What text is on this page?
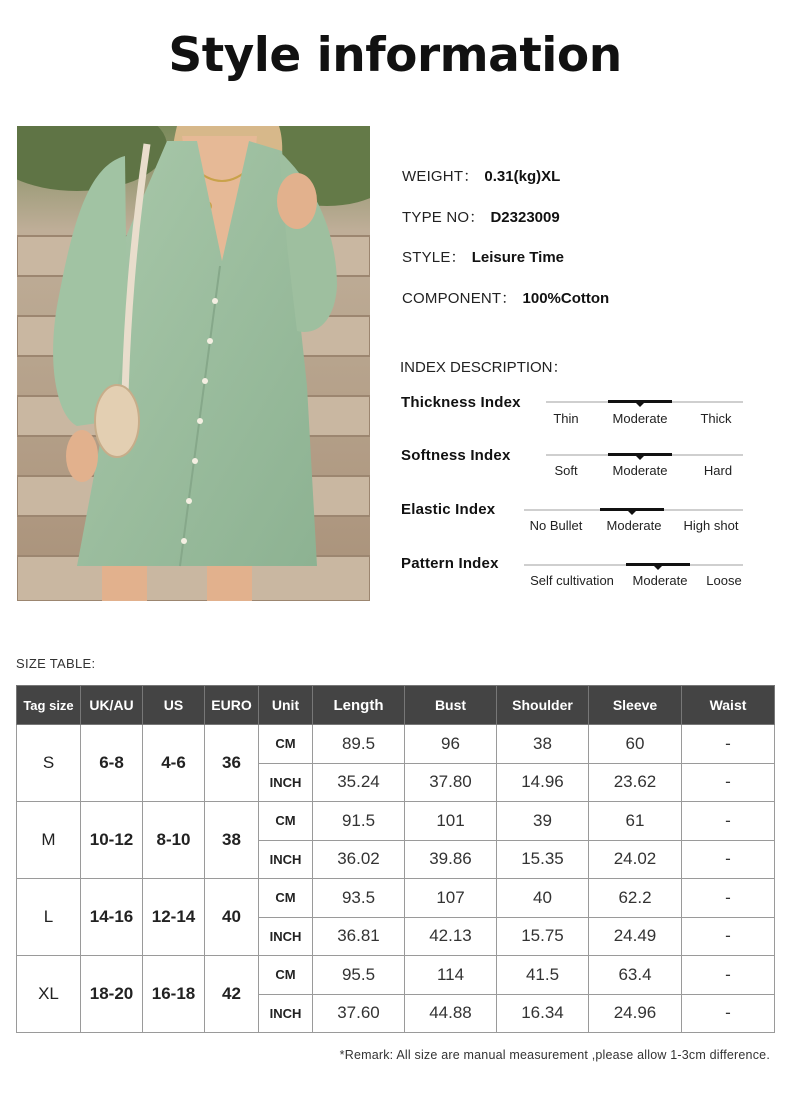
Style information
WEIGHT： 0.31(kg)XL
TYPE NO： D2323009
STYLE： Leisure Time
COMPONENT： 100%Cotton
INDEX DESCRIPTION：
Thickness Index
Thin	Moderate	Thick
Softness Index
Soft	Moderate	Hard
Elastic Index
No Bullet	Moderate	High shot
Pattern Index
Self cultivation	Moderate	Loose
SIZE TABLE:
Tag size	UK/AU	US	EURO	Unit	Length	Bust	Shoulder	Sleeve	Waist
S	6-8	4-6	36	CM	89.5	96	38	60	-
				INCH	35.24	37.80	14.96	23.62	-
M	10-12	8-10	38	CM	91.5	101	39	61	-
				INCH	36.02	39.86	15.35	24.02	-
L	14-16	12-14	40	CM	93.5	107	40	62.2	-
				INCH	36.81	42.13	15.75	24.49	-
XL	18-20	16-18	42	CM	95.5	114	41.5	63.4	-
				INCH	37.60	44.88	16.34	24.96	-
*Remark: All size are manual measurement ,please allow 1-3cm difference.
